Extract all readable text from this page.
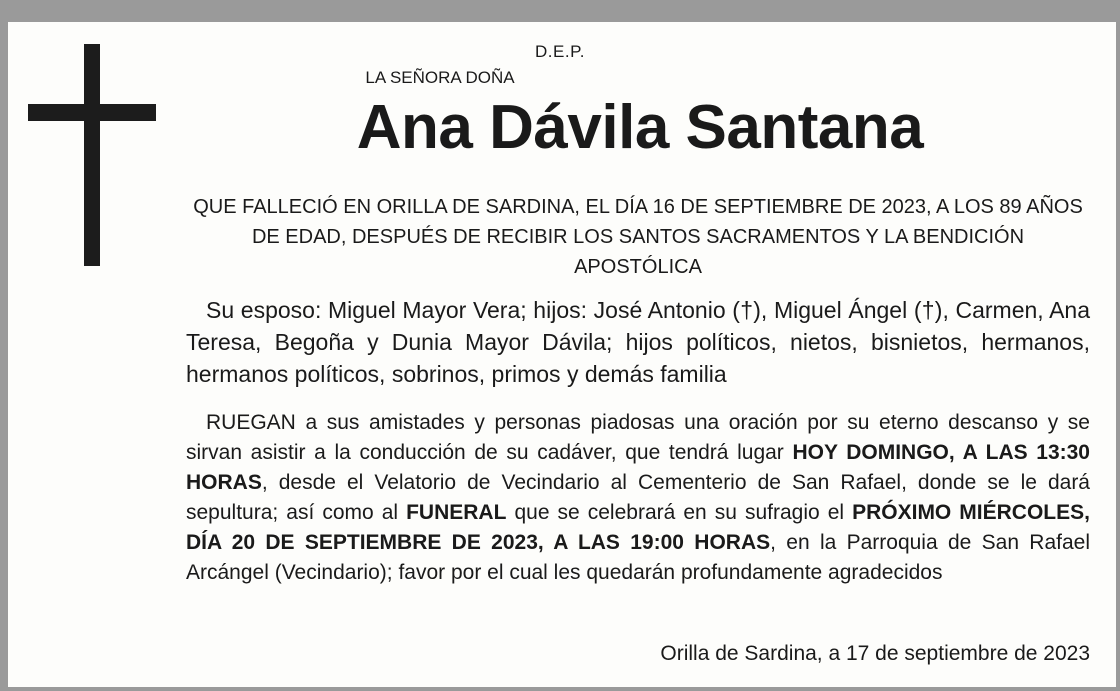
D.E.P.
LA SEÑORA DOÑA
Ana Dávila Santana
QUE FALLECIÓ EN ORILLA DE SARDINA, EL DÍA 16 DE SEPTIEMBRE DE 2023, A LOS 89 AÑOS DE EDAD, DESPUÉS DE RECIBIR LOS SANTOS SACRAMENTOS Y LA BENDICIÓN APOSTÓLICA
Su esposo: Miguel Mayor Vera; hijos: José Antonio (†), Miguel Ángel (†), Carmen, Ana Teresa, Begoña y Dunia Mayor Dávila; hijos políticos, nietos, bisnietos, hermanos, hermanos políticos, sobrinos, primos y demás familia
RUEGAN a sus amistades y personas piadosas una oración por su eterno descanso y se sirvan asistir a la conducción de su cadáver, que tendrá lugar HOY DOMINGO, A LAS 13:30 HORAS, desde el Velatorio de Vecindario al Cementerio de San Rafael, donde se le dará sepultura; así como al FUNERAL que se celebrará en su sufragio el PRÓXIMO MIÉRCOLES, DÍA 20 DE SEPTIEMBRE DE 2023, A LAS 19:00 HORAS, en la Parroquia de San Rafael Arcángel (Vecindario); favor por el cual les quedarán profundamente agradecidos
Orilla de Sardina, a 17 de septiembre de 2023
